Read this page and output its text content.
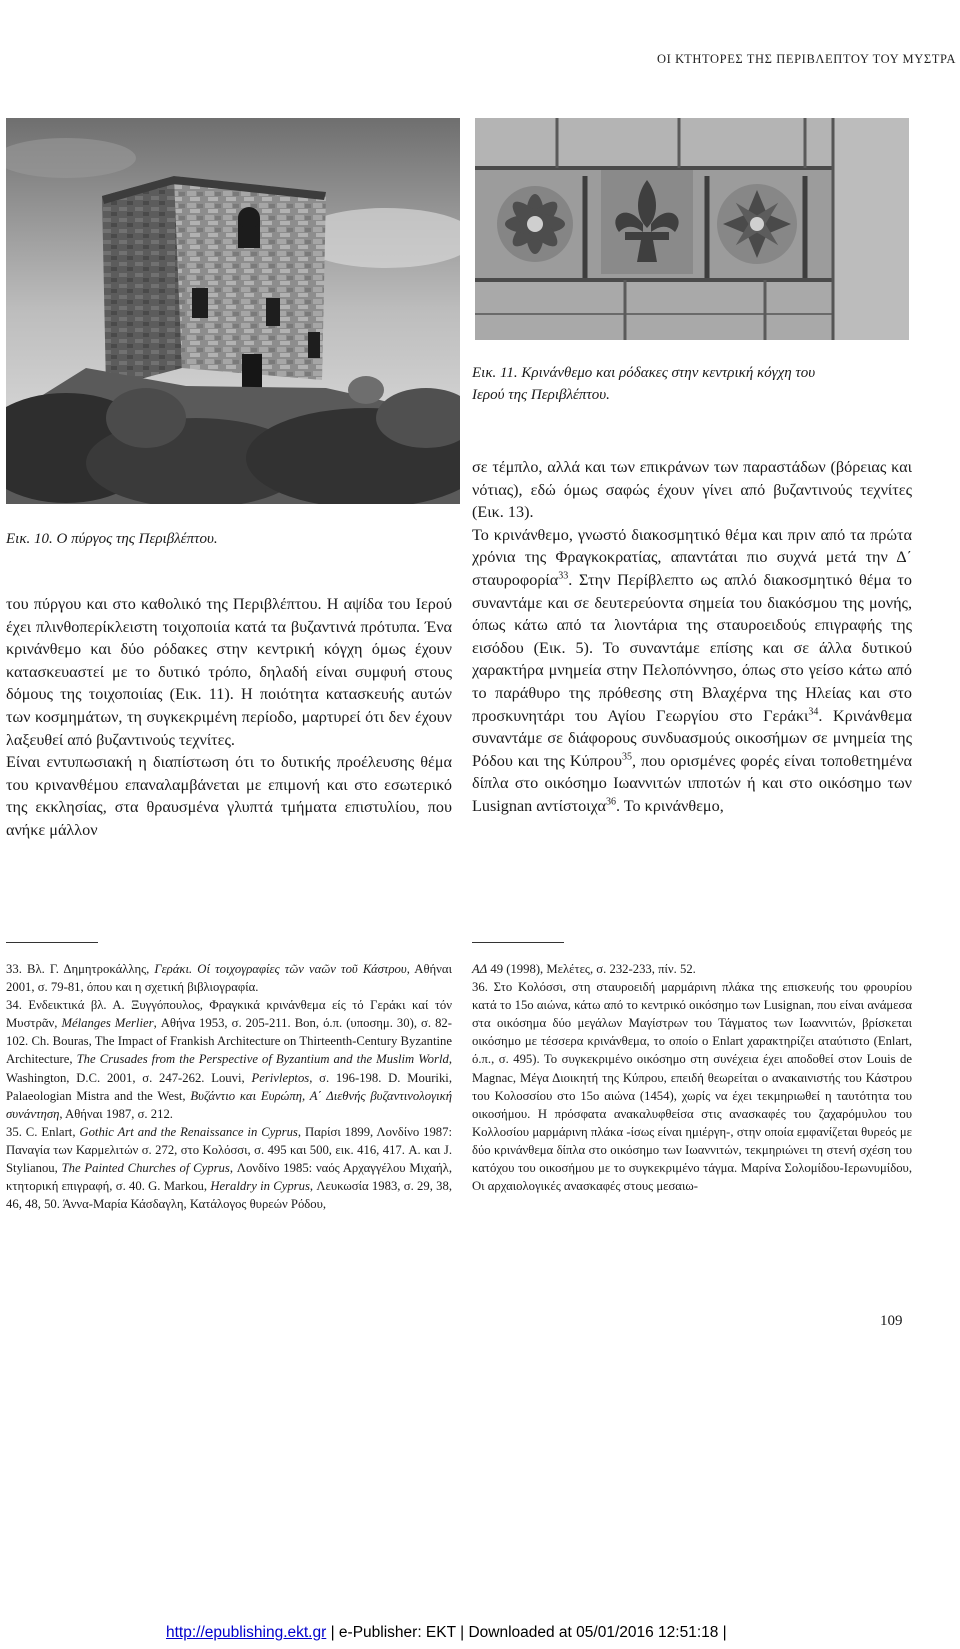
ΟΙ ΚΤΗΤΟΡΕΣ ΤΗΣ ΠΕΡΙΒΛΕΠΤΟΥ ΤΟΥ ΜΥΣΤΡΑ
Εικ. 11. Κρινάνθεμο και ρόδακες στην κεντρική κόγχη του
Ιερού της Περιβλέπτου.
Εικ. 10. Ο πύργος της Περιβλέπτου.

του πύργου και στο καθολικό της Περιβλέπτου. Η αψίδα του Ιερού έχει πλινθοπερίκλειστη τοιχοποιία κατά τα βυζαντινά πρότυπα. Ένα κρινάνθεμο και δύο ρόδακες στην κεντρική κόγχη όμως έχουν κατασκευαστεί με το δυτικό τρόπο, δηλαδή είναι συμφυή στους δόμους της τοιχοποιίας (Εικ. 11). Η ποιότητα κατασκευής αυτών των κοσμημάτων, τη συγκεκριμένη περίοδο, μαρτυρεί ότι δεν έχουν λαξευθεί από βυζαντινούς τεχνίτες.

Είναι εντυπωσιακή η διαπίστωση ότι το δυτικής προέλευσης θέμα του κρινανθέμου επαναλαμβάνεται με επιμονή και στο εσωτερικό της εκκλησίας, στα θραυσμένα γλυπτά τμήματα επιστυλίου, που ανήκε μάλλον

σε τέμπλο, αλλά και των επικράνων των παραστάδων (βόρειας και νότιας), εδώ όμως σαφώς έχουν γίνει από βυζαντινούς τεχνίτες (Εικ. 13).

Το κρινάνθεμο, γνωστό διακοσμητικό θέμα και πριν από τα πρώτα χρόνια της Φραγκοκρατίας, απαντάται πιο συχνά μετά την Δ΄ σταυροφορία$^{33}$. Στην Περίβλεπτο ως απλό διακοσμητικό θέμα το συναντάμε και σε δευτερεύοντα σημεία του διακόσμου της μονής, όπως κάτω από τα λιοντάρια της σταυροειδούς επιγραφής της εισόδου (Εικ. 5). Το συναντάμε επίσης και σε άλλα δυτικού χαρακτήρα μνημεία στην Πελοπόννησο, όπως στο γείσο κάτω από το παράθυρο της πρόθεσης στη Βλαχέρνα της Ηλείας και στο προσκυνητάρι του Αγίου Γεωργίου στο Γεράκι$^{34}$. Κρινάνθεμα συναντάμε σε διάφορους συνδυασμούς οικοσήμων σε μνημεία της Ρόδου και της Κύπρου$^{35}$, που ορισμένες φορές είναι τοποθετημένα δίπλα στο οικόσημο Ιωαννιτών ιπποτών ή και στο οικόσημο των Lusignan αντίστοιχα$^{36}$. Το κρινάνθεμο,

33. Βλ. Γ. Δημητροκάλλης, Γεράκι. Οί τοιχογραφίες τῶν ναῶν τοῦ Κάστρου, Αθήναι 2001, σ. 79-81, όπου και η σχετική βιβλιογραφία.

34. Ενδεικτικά βλ. Α. Ξυγγόπουλος, Φραγκικά κρινάνθεμα είς τό Γεράκι καί τόν Μυστρᾶν, Mélanges Merlier, Αθήνα 1953, σ. 205-211. Bon, ό.π. (υποσημ. 30), σ. 82-102. Ch. Bouras, The Impact of Frankish Architecture on Thirteenth-Century Byzantine Architecture, The Crusades from the Perspective of Byzantium and the Muslim World, Washington, D.C. 2001, σ. 247-262. Louvi, Perivleptos, σ. 196-198. D. Mouriki, Palaeologian Mistra and the West, Βυζάντιο και Ευρώπη, Α΄ Διεθνής βυζαντινολογική συνάντηση, Αθήναι 1987, σ. 212.

35. C. Enlart, Gothic Art and the Renaissance in Cyprus, Παρίσι 1899, Λονδίνο 1987: Παναγία των Καρμελιτών σ. 272, στο Κολόσσι, σ. 495 και 500, εικ. 416, 417. A. και J. Stylianou, The Painted Churches of Cyprus, Λονδίνο 1985: ναός Αρχαγγέλου Μιχαήλ, κτητορική επιγραφή, σ. 40. G. Markou, Heraldry in Cyprus, Λευκωσία 1983, σ. 29, 38, 46, 48, 50. Άννα-Μαρία Κάσδαγλη, Κατάλογος θυρεών Ρόδου,

ΑΔ 49 (1998), Μελέτες, σ. 232-233, πίν. 52.

36. Στο Κολόσσι, στη σταυροειδή μαρμάρινη πλάκα της επισκευής του φρουρίου κατά το 15ο αιώνα, κάτω από το κεντρικό οικόσημο των Lusignan, που είναι ανάμεσα στα οικόσημα δύο μεγάλων Μαγίστρων του Τάγματος των Ιωαννιτών, βρίσκεται οικόσημο με τέσσερα κρινάνθεμα, το οποίο ο Enlart χαρακτηρίζει αταύτιστο (Enlart, ό.π., σ. 495). Το συγκεκριμένο οικόσημο στη συνέχεια έχει αποδοθεί στον Louis de Magnac, Μέγα Διοικητή της Κύπρου, επειδή θεωρείται ο ανακαινιστής του Κάστρου του Κολοσσίου στο 15ο αιώνα (1454), χωρίς να έχει τεκμηριωθεί η ταυτότητα του οικοσήμου. Η πρόσφατα ανακαλυφθείσα στις ανασκαφές του ζαχαρόμυλου του Κολλοσίου μαρμάρινη πλάκα -ίσως είναι ημιέργη-, στην οποία εμφανίζεται θυρεός με δύο κρινάνθεμα δίπλα στο οικόσημο των Ιωαννιτών, τεκμηριώνει τη στενή σχέση του κατόχου του οικοσήμου με το συγκεκριμένο τάγμα. Μαρίνα Σολομίδου-Ιερωνυμίδου, Οι αρχαιολογικές ανασκαφές στους μεσαιω-

109
http://epublishing.ekt.gr | e-Publisher: EKT | Downloaded at 05/01/2016 12:51:18 |
